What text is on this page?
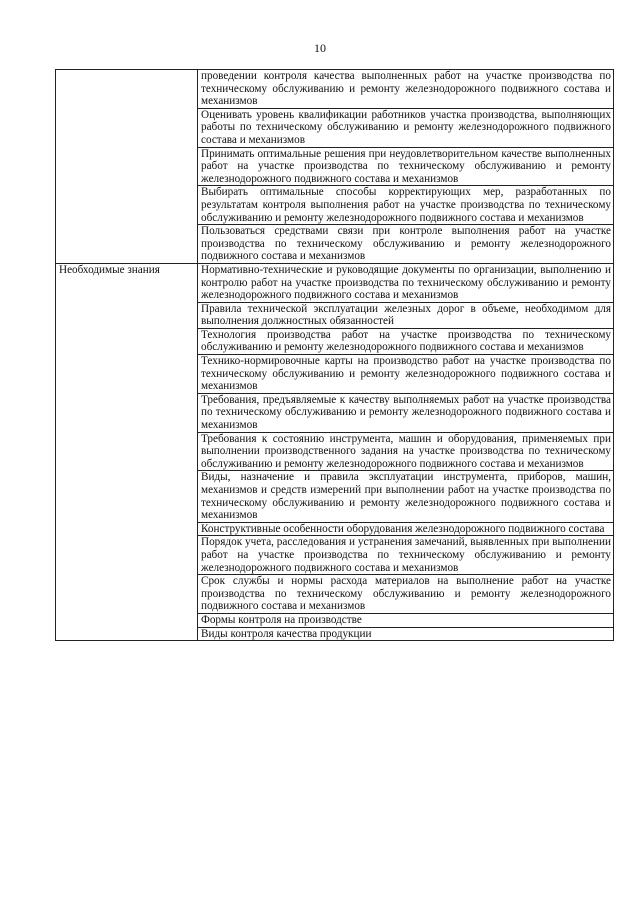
10
	проведении контроля качества выполненных работ на участке производства по техническому обслуживанию и ремонту железнодорожного подвижного состава и механизмов
	Оценивать уровень квалификации работников участка производства, выполняющих работы по техническому обслуживанию и ремонту железнодорожного подвижного состава и механизмов
	Принимать оптимальные решения при неудовлетворительном качестве выполненных работ на участке производства по техническому обслуживанию и ремонту железнодорожного подвижного состава и механизмов
	Выбирать оптимальные способы корректирующих мер, разработанных по результатам контроля выполнения работ на участке производства по техническому обслуживанию и ремонту железнодорожного подвижного состава и механизмов
	Пользоваться средствами связи при контроле выполнения работ на участке производства по техническому обслуживанию и ремонту железнодорожного подвижного состава и механизмов
Необходимые знания	Нормативно-технические и руководящие документы по организации, выполнению и контролю работ на участке производства по техническому обслуживанию и ремонту железнодорожного подвижного состава и механизмов
	Правила технической эксплуатации железных дорог в объеме, необходимом для выполнения должностных обязанностей
	Технология производства работ на участке производства по техническому обслуживанию и ремонту железнодорожного подвижного состава и механизмов
	Технико-нормировочные карты на производство работ на участке производства по техническому обслуживанию и ремонту железнодорожного подвижного состава и механизмов
	Требования, предъявляемые к качеству выполняемых работ на участке производства по техническому обслуживанию и ремонту железнодорожного подвижного состава и механизмов
	Требования к состоянию инструмента, машин и оборудования, применяемых при выполнении производственного задания на участке производства по техническому обслуживанию и ремонту железнодорожного подвижного состава и механизмов
	Виды, назначение и правила эксплуатации инструмента, приборов, машин, механизмов и средств измерений при выполнении работ на участке производства по техническому обслуживанию и ремонту железнодорожного подвижного состава и механизмов
	Конструктивные особенности оборудования железнодорожного подвижного состава
	Порядок учета, расследования и устранения замечаний, выявленных при выполнении работ на участке производства по техническому обслуживанию и ремонту железнодорожного подвижного состава и механизмов
	Срок службы и нормы расхода материалов на выполнение работ на участке производства по техническому обслуживанию и ремонту железнодорожного подвижного состава и механизмов
	Формы контроля на производстве
	Виды контроля качества продукции
